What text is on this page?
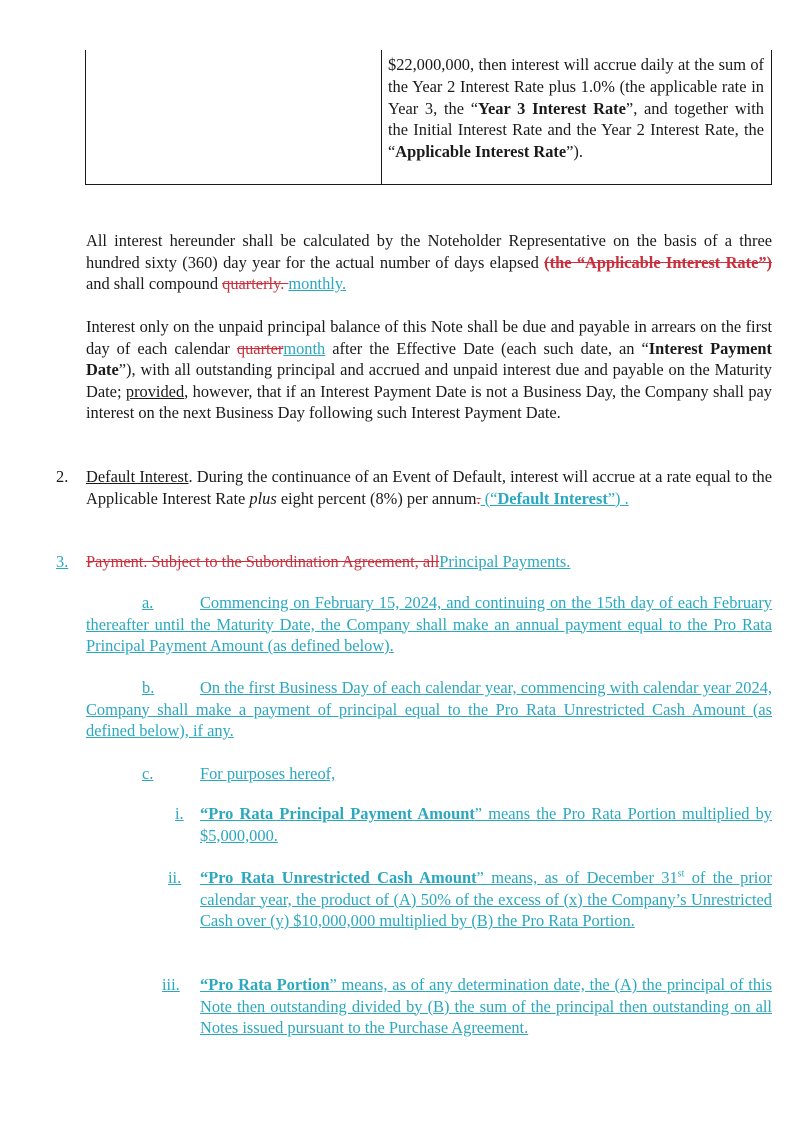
$22,000,000, then interest will accrue daily at the sum of the Year 2 Interest Rate plus 1.0% (the applicable rate in Year 3, the “Year 3 Interest Rate”, and together with the Initial Interest Rate and the Year 2 Interest Rate, the “Applicable Interest Rate”).
All interest hereunder shall be calculated by the Noteholder Representative on the basis of a three hundred sixty (360) day year for the actual number of days elapsed (the “Applicable Interest Rate”) and shall compound quarterly. monthly.
Interest only on the unpaid principal balance of this Note shall be due and payable in arrears on the first day of each calendar quartermonth after the Effective Date (each such date, an “Interest Payment Date”), with all outstanding principal and accrued and unpaid interest due and payable on the Maturity Date; provided, however, that if an Interest Payment Date is not a Business Day, the Company shall pay interest on the next Business Day following such Interest Payment Date.
2. Default Interest. During the continuance of an Event of Default, interest will accrue at a rate equal to the Applicable Interest Rate plus eight percent (8%) per annum. (“Default Interest”) .
3. Payment. Subject to the Subordination Agreement, allPrincipal Payments.
a.	Commencing on February 15, 2024, and continuing on the 15th day of each February thereafter until the Maturity Date, the Company shall make an annual payment equal to the Pro Rata Principal Payment Amount (as defined below).
b.	On the first Business Day of each calendar year, commencing with calendar year 2024, Company shall make a payment of principal equal to the Pro Rata Unrestricted Cash Amount (as defined below), if any.
c.	For purposes hereof,
i. “Pro Rata Principal Payment Amount” means the Pro Rata Portion multiplied by $5,000,000.
ii. “Pro Rata Unrestricted Cash Amount” means, as of December 31st of the prior calendar year, the product of (A) 50% of the excess of (x) the Company’s Unrestricted Cash over (y) $10,000,000 multiplied by (B) the Pro Rata Portion.
iii. “Pro Rata Portion” means, as of any determination date, the (A) the principal of this Note then outstanding divided by (B) the sum of the principal then outstanding on all Notes issued pursuant to the Purchase Agreement.
